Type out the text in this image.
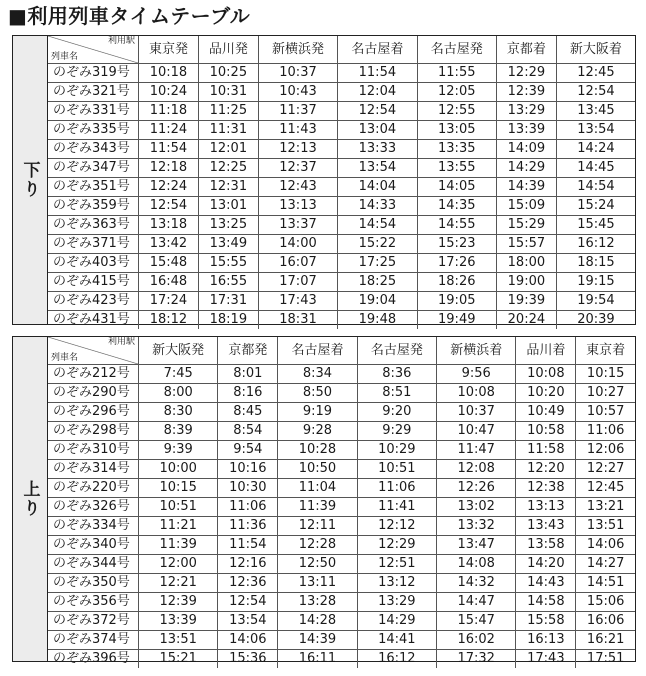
■利用列車タイムテーブル
下り
利用駅
列車名	東京発	品川発	新横浜発	名古屋着	名古屋発	京都着	新大阪着
のぞみ319号	10:18	10:25	10:37	11:54	11:55	12:29	12:45
のぞみ321号	10:24	10:31	10:43	12:04	12:05	12:39	12:54
のぞみ331号	11:18	11:25	11:37	12:54	12:55	13:29	13:45
のぞみ335号	11:24	11:31	11:43	13:04	13:05	13:39	13:54
のぞみ343号	11:54	12:01	12:13	13:33	13:35	14:09	14:24
のぞみ347号	12:18	12:25	12:37	13:54	13:55	14:29	14:45
のぞみ351号	12:24	12:31	12:43	14:04	14:05	14:39	14:54
のぞみ359号	12:54	13:01	13:13	14:33	14:35	15:09	15:24
のぞみ363号	13:18	13:25	13:37	14:54	14:55	15:29	15:45
のぞみ371号	13:42	13:49	14:00	15:22	15:23	15:57	16:12
のぞみ403号	15:48	15:55	16:07	17:25	17:26	18:00	18:15
のぞみ415号	16:48	16:55	17:07	18:25	18:26	19:00	19:15
のぞみ423号	17:24	17:31	17:43	19:04	19:05	19:39	19:54
のぞみ431号	18:12	18:19	18:31	19:48	19:49	20:24	20:39
上り
利用駅
列車名	新大阪発	京都発	名古屋着	名古屋発	新横浜着	品川着	東京着
のぞみ212号	7:45	8:01	8:34	8:36	9:56	10:08	10:15
のぞみ290号	8:00	8:16	8:50	8:51	10:08	10:20	10:27
のぞみ296号	8:30	8:45	9:19	9:20	10:37	10:49	10:57
のぞみ298号	8:39	8:54	9:28	9:29	10:47	10:58	11:06
のぞみ310号	9:39	9:54	10:28	10:29	11:47	11:58	12:06
のぞみ314号	10:00	10:16	10:50	10:51	12:08	12:20	12:27
のぞみ220号	10:15	10:30	11:04	11:06	12:26	12:38	12:45
のぞみ326号	10:51	11:06	11:39	11:41	13:02	13:13	13:21
のぞみ334号	11:21	11:36	12:11	12:12	13:32	13:43	13:51
のぞみ340号	11:39	11:54	12:28	12:29	13:47	13:58	14:06
のぞみ344号	12:00	12:16	12:50	12:51	14:08	14:20	14:27
のぞみ350号	12:21	12:36	13:11	13:12	14:32	14:43	14:51
のぞみ356号	12:39	12:54	13:28	13:29	14:47	14:58	15:06
のぞみ372号	13:39	13:54	14:28	14:29	15:47	15:58	16:06
のぞみ374号	13:51	14:06	14:39	14:41	16:02	16:13	16:21
のぞみ396号	15:21	15:36	16:11	16:12	17:32	17:43	17:51
